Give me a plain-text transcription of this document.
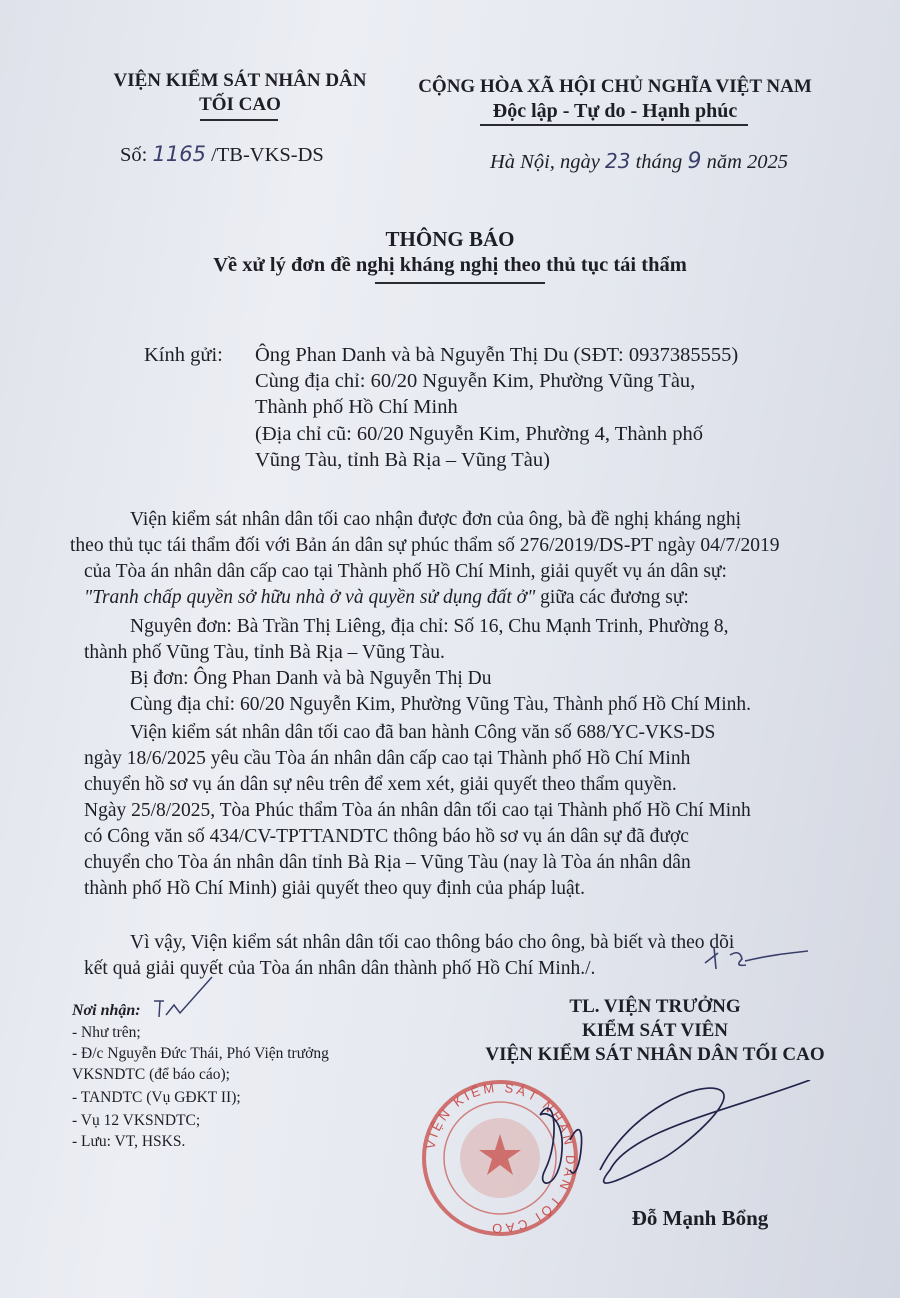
VIỆN KIỂM SÁT NHÂN DÂN
TỐI CAO
CỘNG HÒA XÃ HỘI CHỦ NGHĨA VIỆT NAM
Độc lập - Tự do - Hạnh phúc
Số: 1165 /TB-VKS-DS	Hà Nội, ngày 23 tháng 9 năm 2025
THÔNG BÁO
Về xử lý đơn đề nghị kháng nghị theo thủ tục tái thẩm
Kính gửi: Ông Phan Danh và bà Nguyễn Thị Du (SĐT: 0937385555)
Cùng địa chỉ: 60/20 Nguyễn Kim, Phường Vũng Tàu,
Thành phố Hồ Chí Minh
(Địa chỉ cũ: 60/20 Nguyễn Kim, Phường 4, Thành phố
Vũng Tàu, tỉnh Bà Rịa – Vũng Tàu)
Viện kiểm sát nhân dân tối cao nhận được đơn của ông, bà đề nghị kháng nghị
theo thủ tục tái thẩm đối với Bản án dân sự phúc thẩm số 276/2019/DS-PT ngày 04/7/2019
của Tòa án nhân dân cấp cao tại Thành phố Hồ Chí Minh, giải quyết vụ án dân sự:
"Tranh chấp quyền sở hữu nhà ở và quyền sử dụng đất ở" giữa các đương sự:
Nguyên đơn: Bà Trần Thị Liêng, địa chỉ: Số 16, Chu Mạnh Trinh, Phường 8,
thành phố Vũng Tàu, tỉnh Bà Rịa – Vũng Tàu.
Bị đơn: Ông Phan Danh và bà Nguyễn Thị Du
Cùng địa chỉ: 60/20 Nguyễn Kim, Phường Vũng Tàu, Thành phố Hồ Chí Minh.
Viện kiểm sát nhân dân tối cao đã ban hành Công văn số 688/YC-VKS-DS
ngày 18/6/2025 yêu cầu Tòa án nhân dân cấp cao tại Thành phố Hồ Chí Minh
chuyển hồ sơ vụ án dân sự nêu trên để xem xét, giải quyết theo thẩm quyền.
Ngày 25/8/2025, Tòa Phúc thẩm Tòa án nhân dân tối cao tại Thành phố Hồ Chí Minh
có Công văn số 434/CV-TPTTANDTC thông báo hồ sơ vụ án dân sự đã được
chuyển cho Tòa án nhân dân tỉnh Bà Rịa – Vũng Tàu (nay là Tòa án nhân dân
thành phố Hồ Chí Minh) giải quyết theo quy định của pháp luật.
Vì vậy, Viện kiểm sát nhân dân tối cao thông báo cho ông, bà biết và theo dõi
kết quả giải quyết của Tòa án nhân dân thành phố Hồ Chí Minh./.
Nơi nhận:
- Như trên;
- Đ/c Nguyễn Đức Thái, Phó Viện trưởng
VKSNDTC (để báo cáo);
- TANDTC (Vụ GĐKT II);
- Vụ 12 VKSNDTC;
- Lưu: VT, HSKS.	VIỆN KIỂM SÁT NHÂN DÂN TỐI CAO
TL. VIỆN TRƯỞNG
KIỂM SÁT VIÊN
VIỆN KIỂM SÁT NHÂN DÂN TỐI CAO
Đỗ Mạnh Bổng
